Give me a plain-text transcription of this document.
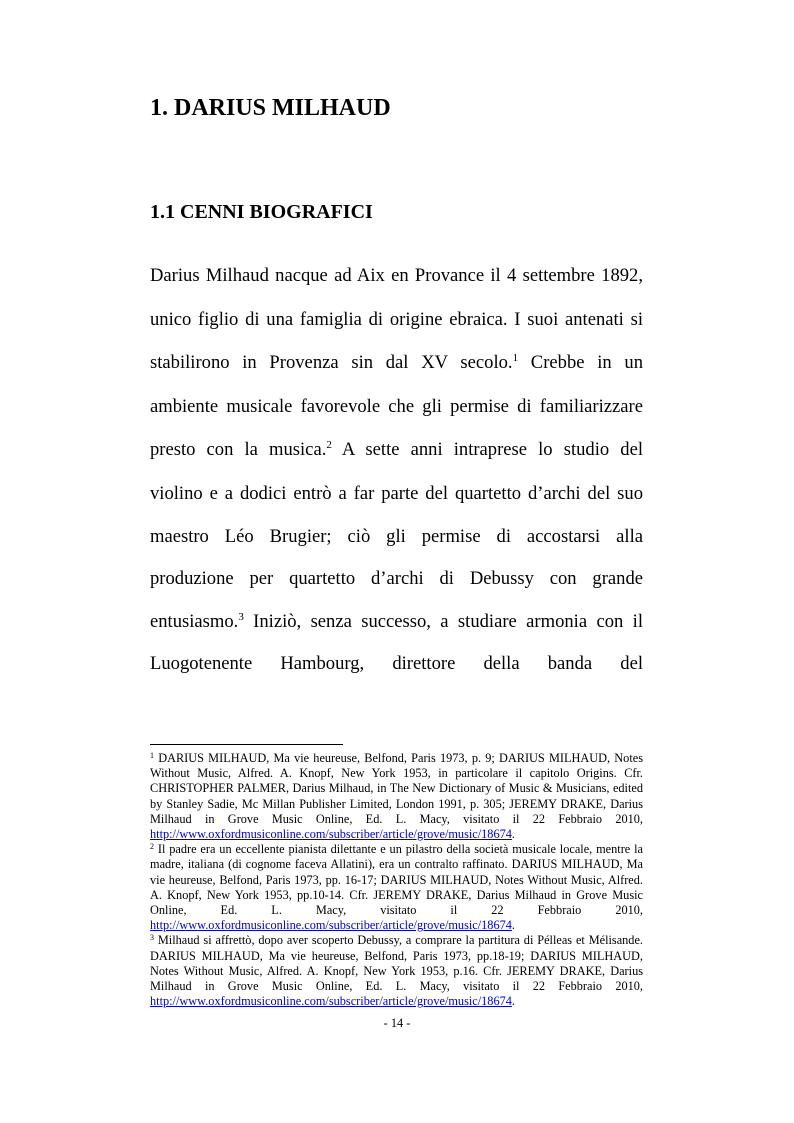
1. DARIUS MILHAUD
1.1 CENNI BIOGRAFICI
Darius Milhaud nacque ad Aix en Provance il 4 settembre 1892,
unico figlio di una famiglia di origine ebraica. I suoi antenati si
stabilirono in Provenza sin dal XV secolo.$^1$ Crebbe in un
ambiente musicale favorevole che gli permise di familiarizzare
presto con la musica.$^2$ A sette anni intraprese lo studio del
violino e a dodici entrò a far parte del quartetto d’archi del suo
maestro Léo Brugier; ciò gli permise di accostarsi alla
produzione per quartetto d’archi di Debussy con grande
entusiasmo.$^3$ Iniziò, senza successo, a studiare armonia con il
Luogotenente Hambourg, direttore della banda del

$^1$ DARIUS MILHAUD, Ma vie heureuse, Belfond, Paris 1973, p. 9; DARIUS MILHAUD, Notes Without Music, Alfred. A. Knopf, New York 1953, in particolare il capitolo Origins. Cfr. CHRISTOPHER PALMER, Darius Milhaud, in The New Dictionary of Music & Musicians, edited by Stanley Sadie, Mc Millan Publisher Limited, London 1991, p. 305; JEREMY DRAKE, Darius Milhaud in Grove Music Online, Ed. L. Macy, visitato il 22 Febbraio 2010, http://www.oxfordmusiconline.com/subscriber/article/grove/music/18674.

$^2$ Il padre era un eccellente pianista dilettante e un pilastro della società musicale locale, mentre la madre, italiana (di cognome faceva Allatini), era un contralto raffinato. DARIUS MILHAUD, Ma vie heureuse, Belfond, Paris 1973, pp. 16-17; DARIUS MILHAUD, Notes Without Music, Alfred. A. Knopf, New York 1953, pp.10-14. Cfr. JEREMY DRAKE, Darius Milhaud in Grove Music Online, Ed. L. Macy, visitato il 22 Febbraio 2010, http://www.oxfordmusiconline.com/subscriber/article/grove/music/18674.

$^3$ Milhaud si affrettò, dopo aver scoperto Debussy, a comprare la partitura di Pélleas et Mélisande. DARIUS MILHAUD, Ma vie heureuse, Belfond, Paris 1973, pp.18-19; DARIUS MILHAUD, Notes Without Music, Alfred. A. Knopf, New York 1953, p.16. Cfr. JEREMY DRAKE, Darius Milhaud in Grove Music Online, Ed. L. Macy, visitato il 22 Febbraio 2010, http://www.oxfordmusiconline.com/subscriber/article/grove/music/18674.

- 14 -
